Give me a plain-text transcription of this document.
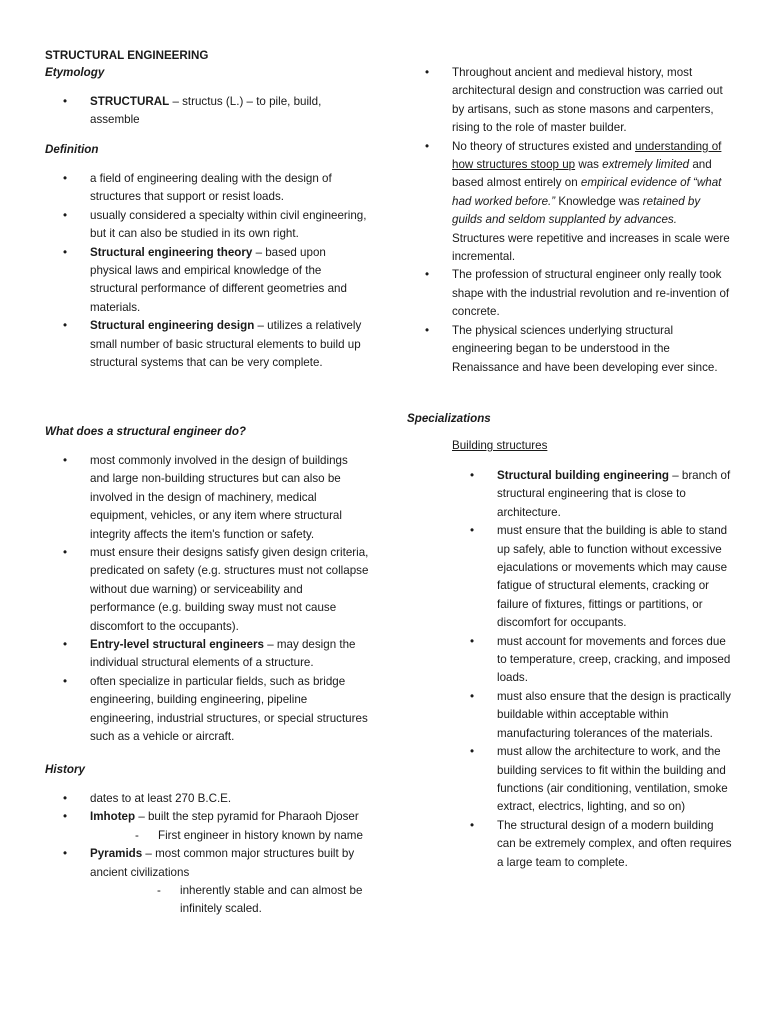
STRUCTURAL ENGINEERING

Etymology

• STRUCTURAL – structus (L.) – to pile, build, assemble

Definition

• a field of engineering dealing with the design of structures that support or resist loads.
• usually considered a specialty within civil engineering, but it can also be studied in its own right.
• Structural engineering theory – based upon physical laws and empirical knowledge of the structural performance of different geometries and materials.
• Structural engineering design – utilizes a relatively small number of basic structural elements to build up structural systems that can be very complete.

What does a structural engineer do?

• most commonly involved in the design of buildings and large non-building structures but can also be involved in the design of machinery, medical equipment, vehicles, or any item where structural integrity affects the item's function or safety.
• must ensure their designs satisfy given design criteria, predicated on safety (e.g. structures must not collapse without due warning) or serviceability and performance (e.g. building sway must not cause discomfort to the occupants).
• Entry-level structural engineers – may design the individual structural elements of a structure.
• often specialize in particular fields, such as bridge engineering, building engineering, pipeline engineering, industrial structures, or special structures such as a vehicle or aircraft.

History

• dates to at least 270 B.C.E.
• Imhotep – built the step pyramid for Pharaoh Djoser
- First engineer in history known by name
• Pyramids – most common major structures built by ancient civilizations
- inherently stable and can almost be infinitely scaled.
• Throughout ancient and medieval history, most architectural design and construction was carried out by artisans, such as stone masons and carpenters, rising to the role of master builder.
• No theory of structures existed and understanding of how structures stoop up was extremely limited and based almost entirely on empirical evidence of “what had worked before.” Knowledge was retained by guilds and seldom supplanted by advances. Structures were repetitive and increases in scale were incremental.
• The profession of structural engineer only really took shape with the industrial revolution and re-invention of concrete.
• The physical sciences underlying structural engineering began to be understood in the Renaissance and have been developing ever since.

Specializations

Building structures

• Structural building engineering – branch of structural engineering that is close to architecture.
• must ensure that the building is able to stand up safely, able to function without excessive ejaculations or movements which may cause fatigue of structural elements, cracking or failure of fixtures, fittings or partitions, or discomfort for occupants.
• must account for movements and forces due to temperature, creep, cracking, and imposed loads.
• must also ensure that the design is practically buildable within acceptable within manufacturing tolerances of the materials.
• must allow the architecture to work, and the building services to fit within the building and functions (air conditioning, ventilation, smoke extract, electrics, lighting, and so on)
• The structural design of a modern building can be extremely complex, and often requires a large team to complete.
